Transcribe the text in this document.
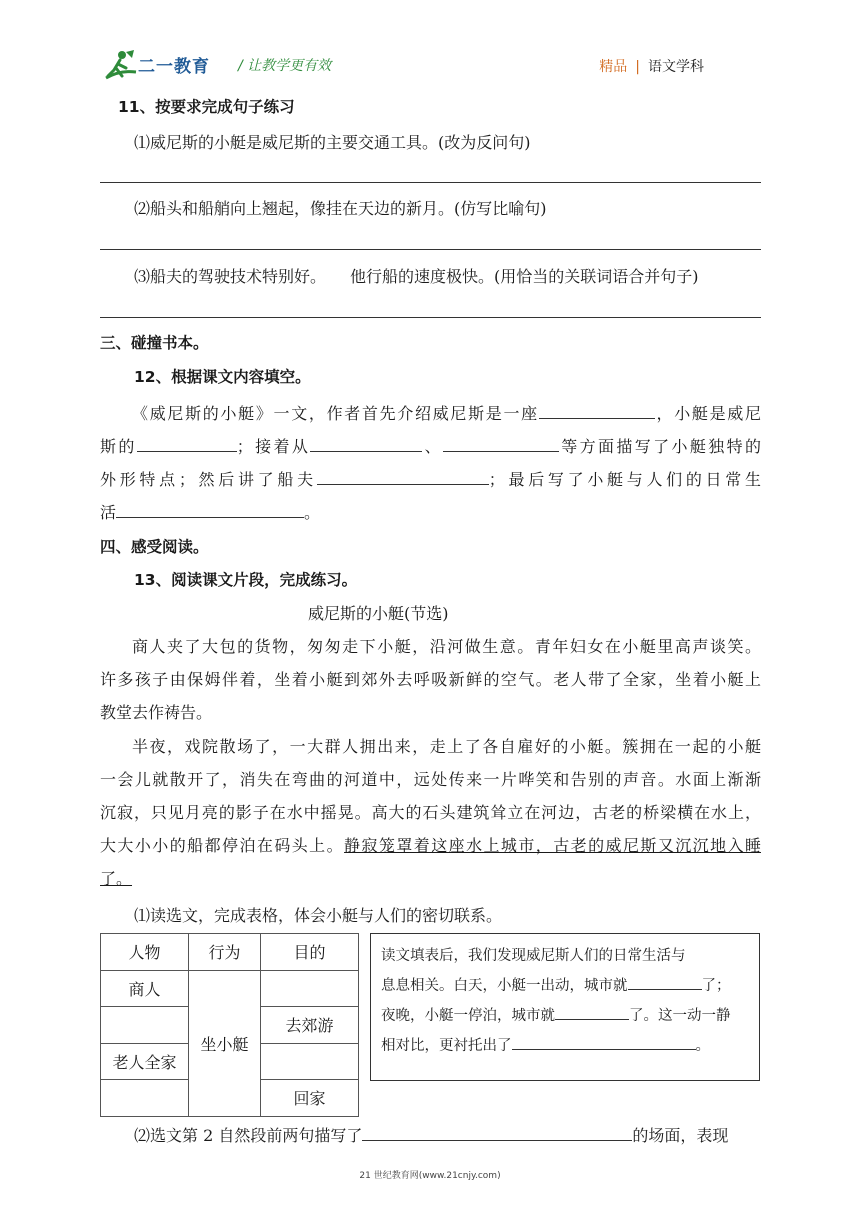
二一教育 / 让教学更有效	精品 | 语文学科
11、按要求完成句子练习
⑴威尼斯的小艇是威尼斯的主要交通工具。(改为反问句)
⑵船头和船艄向上翘起，像挂在天边的新月。(仿写比喻句)
⑶船夫的驾驶技术特别好。 他行船的速度极快。(用恰当的关联词语合并句子)
三、碰撞书本。
12、根据课文内容填空。
《威尼斯的小艇》一文，作者首先介绍威尼斯是一座	，小艇是威尼
斯的	；接着从	、	等方面描写了小艇独特的
外形特点；然后讲了船夫	；最后写了小艇与人们的日常生
活	。
四、感受阅读。
13、阅读课文片段，完成练习。
威尼斯的小艇(节选)
商人夹了大包的货物，匆匆走下小艇，沿河做生意。青年妇女在小艇里高声谈笑。
许多孩子由保姆伴着，坐着小艇到郊外去呼吸新鲜的空气。老人带了全家，坐着小艇上
教堂去作祷告。
半夜，戏院散场了，一大群人拥出来，走上了各自雇好的小艇。簇拥在一起的小艇
一会儿就散开了，消失在弯曲的河道中，远处传来一片哗笑和告别的声音。水面上渐渐
沉寂，只见月亮的影子在水中摇晃。高大的石头建筑耸立在河边，古老的桥梁横在水上，
大大小小的船都停泊在码头上。静寂笼罩着这座水上城市，古老的威尼斯又沉沉地入睡
了。
⑴读选文，完成表格，体会小艇与人们的密切联系。
人物	行为	目的
商人	坐小艇	
		去郊游
老人全家		
		回家
读文填表后，我们发现威尼斯人们的日常生活与
息息相关。白天，小艇一出动，城市就	了；
夜晚，小艇一停泊，城市就	了。这一动一静
相对比，更衬托出了	。
⑵选文第 2 自然段前两句描写了	的场面，表现
21 世纪教育网(www.21cnjy.com)
